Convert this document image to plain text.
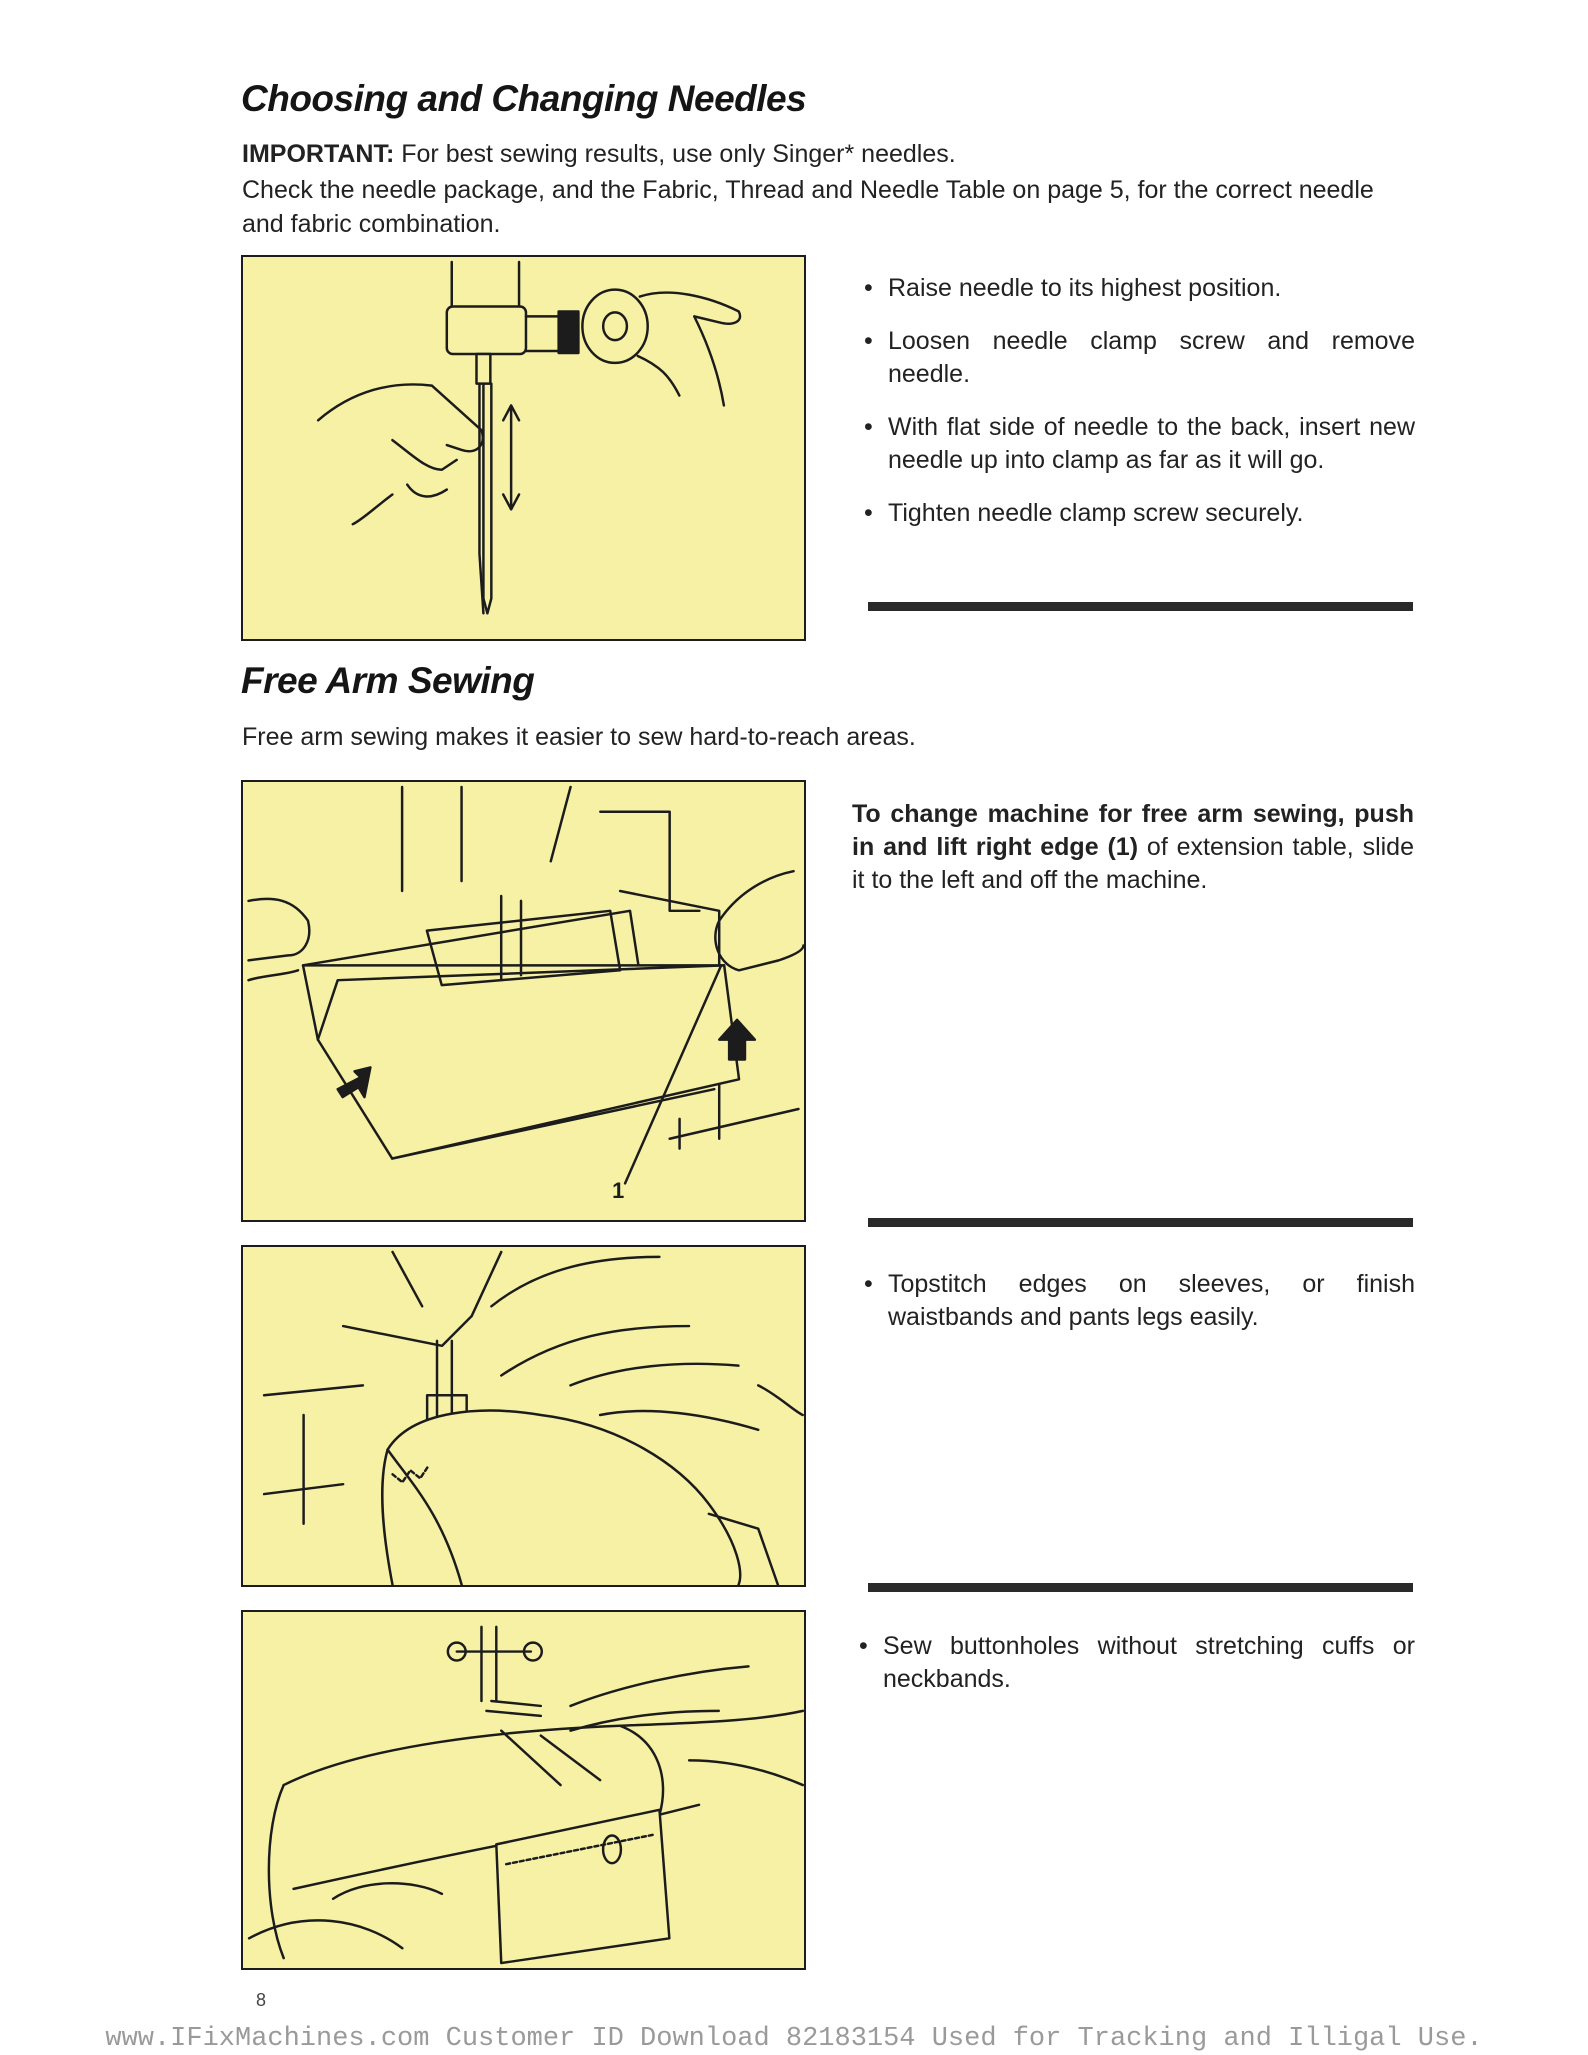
Choosing and Changing Needles
IMPORTANT: For best sewing results, use only Singer* needles.
Check the needle package, and the Fabric, Thread and Needle Table on page 5, for the correct needle and fabric combination.
• Raise needle to its highest position.
• Loosen needle clamp screw and remove needle.
• With flat side of needle to the back, insert new needle up into clamp as far as it will go.
• Tighten needle clamp screw securely.
Free Arm Sewing
Free arm sewing makes it easier to sew hard-to-reach areas.
1
To change machine for free arm sewing, push in and lift right edge (1) of extension table, slide it to the left and off the machine.
• Topstitch edges on sleeves, or finish waistbands and pants legs easily.
• Sew buttonholes without stretching cuffs or neckbands.
8
www.IFixMachines.com Customer ID Download 82183154 Used for Tracking and Illigal Use.
